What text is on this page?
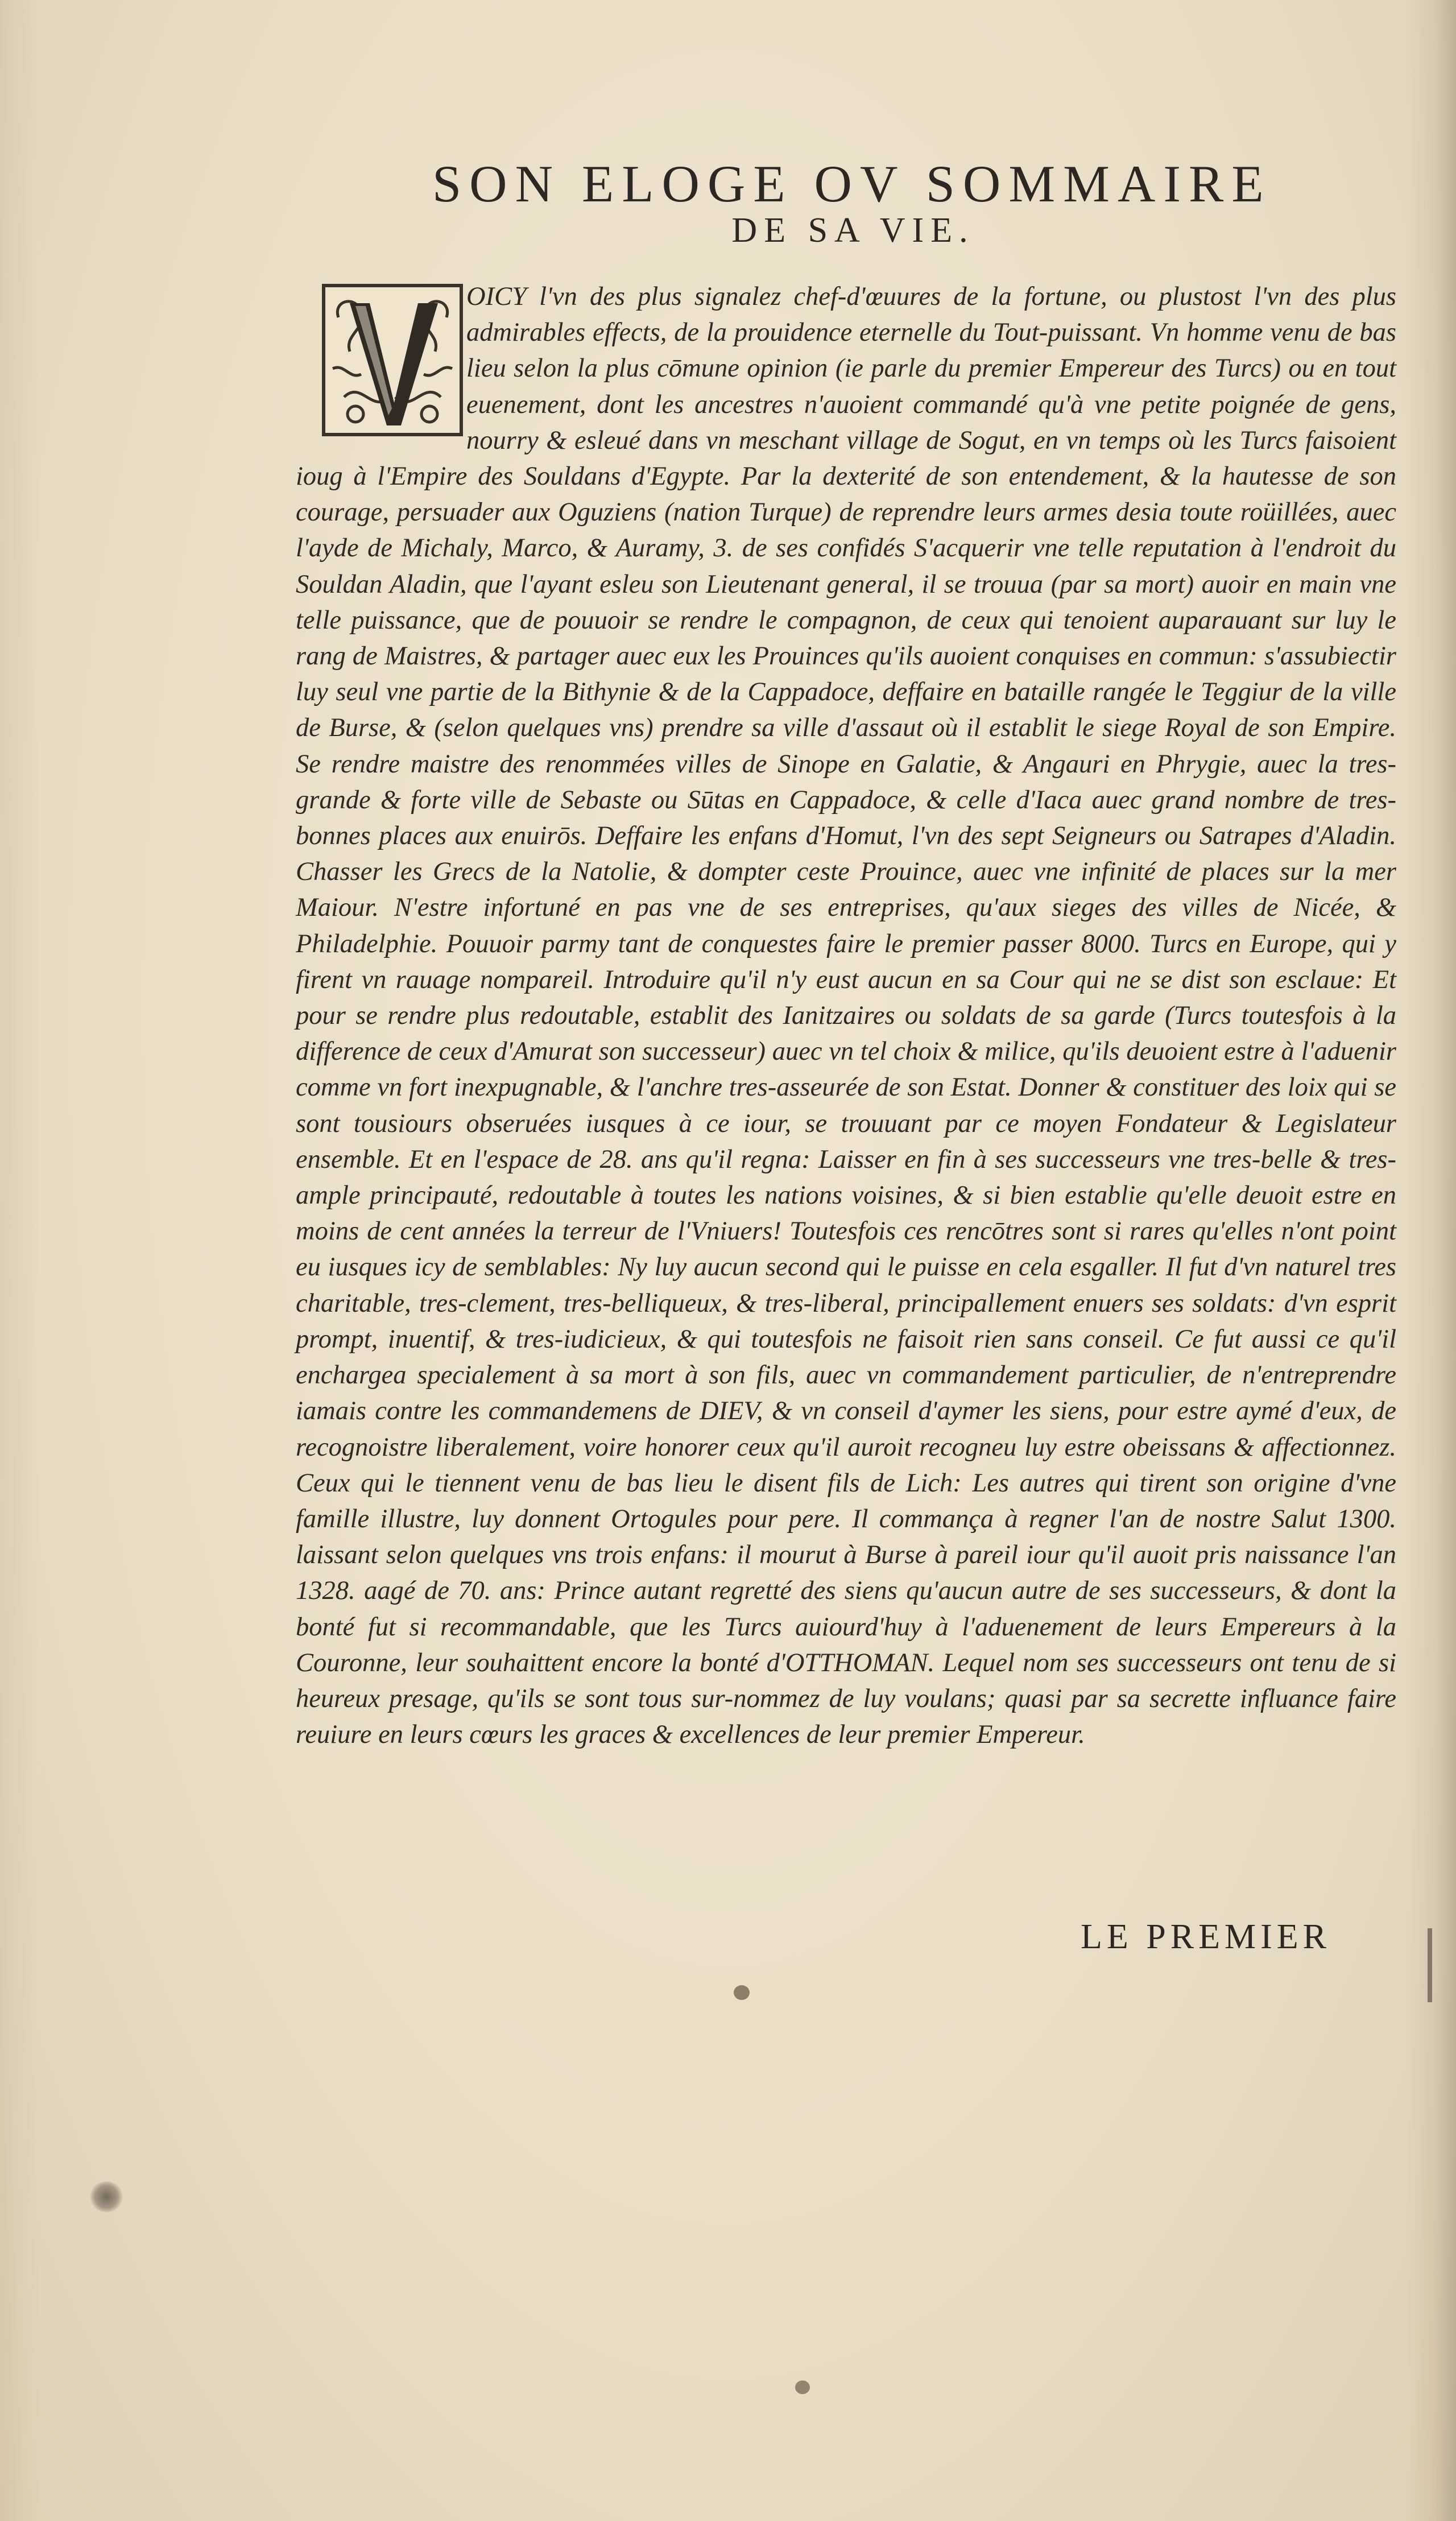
SON ELOGE OV SOMMAIRE
DE SA VIE.

OICY l'vn des plus signalez chef-d'œuures de la fortune, ou plustost l'vn des plus admirables effects, de la prouidence eternelle du Tout-puissant. Vn homme venu de bas lieu selon la plus cōmune opinion (ie parle du premier Empereur des Turcs) ou en tout euenement, dont les ancestres n'auoient commandé qu'à vne petite poignée de gens, nourry & esleué dans vn meschant village de Sogut, en vn temps où les Turcs faisoient ioug à l'Empire des Souldans d'Egypte. Par la dexterité de son entendement, & la hautesse de son courage, persuader aux Oguziens (nation Turque) de reprendre leurs armes desia toute roüillées, auec l'ayde de Michaly, Marco, & Auramy, 3. de ses confidés S'acquerir vne telle reputation à l'endroit du Souldan Aladin, que l'ayant esleu son Lieutenant general, il se trouua (par sa mort) auoir en main vne telle puissance, que de pouuoir se rendre le compagnon, de ceux qui tenoient auparauant sur luy le rang de Maistres, & partager auec eux les Prouinces qu'ils auoient conquises en commun: s'assubiectir luy seul vne partie de la Bithynie & de la Cappadoce, deffaire en bataille rangée le Teggiur de la ville de Burse, & (selon quelques vns) prendre sa ville d'assaut où il establit le siege Royal de son Empire. Se rendre maistre des renommées villes de Sinope en Galatie, & Angauri en Phrygie, auec la tres-grande & forte ville de Sebaste ou Sūtas en Cappadoce, & celle d'Iaca auec grand nombre de tres-bonnes places aux enuirōs. Deffaire les enfans d'Homut, l'vn des sept Seigneurs ou Satrapes d'Aladin. Chasser les Grecs de la Natolie, & dompter ceste Prouince, auec vne infinité de places sur la mer Maiour. N'estre infortuné en pas vne de ses entreprises, qu'aux sieges des villes de Nicée, & Philadelphie. Pouuoir parmy tant de conquestes faire le premier passer 8000. Turcs en Europe, qui y firent vn rauage nompareil. Introduire qu'il n'y eust aucun en sa Cour qui ne se dist son esclaue: Et pour se rendre plus redoutable, establit des Ianitzaires ou soldats de sa garde (Turcs toutesfois à la difference de ceux d'Amurat son successeur) auec vn tel choix & milice, qu'ils deuoient estre à l'aduenir comme vn fort inexpugnable, & l'anchre tres-asseurée de son Estat. Donner & constituer des loix qui se sont tousiours obseruées iusques à ce iour, se trouuant par ce moyen Fondateur & Legislateur ensemble. Et en l'espace de 28. ans qu'il regna: Laisser en fin à ses successeurs vne tres-belle & tres-ample principauté, redoutable à toutes les nations voisines, & si bien establie qu'elle deuoit estre en moins de cent années la terreur de l'Vniuers! Toutesfois ces rencōtres sont si rares qu'elles n'ont point eu iusques icy de semblables: Ny luy aucun second qui le puisse en cela esgaller. Il fut d'vn naturel tres charitable, tres-clement, tres-belliqueux, & tres-liberal, principallement enuers ses soldats: d'vn esprit prompt, inuentif, & tres-iudicieux, & qui toutesfois ne faisoit rien sans conseil. Ce fut aussi ce qu'il enchargea specialement à sa mort à son fils, auec vn commandement particulier, de n'entreprendre iamais contre les commandemens de DIEV, & vn conseil d'aymer les siens, pour estre aymé d'eux, de recognoistre liberalement, voire honorer ceux qu'il auroit recogneu luy estre obeissans & affectionnez. Ceux qui le tiennent venu de bas lieu le disent fils de Lich: Les autres qui tirent son origine d'vne famille illustre, luy donnent Ortogules pour pere. Il commança à regner l'an de nostre Salut 1300. laissant selon quelques vns trois enfans: il mourut à Burse à pareil iour qu'il auoit pris naissance l'an 1328. aagé de 70. ans: Prince autant regretté des siens qu'aucun autre de ses successeurs, & dont la bonté fut si recommandable, que les Turcs auiourd'huy à l'aduenement de leurs Empereurs à la Couronne, leur souhaittent encore la bonté d'OTTHOMAN. Lequel nom ses successeurs ont tenu de si heureux presage, qu'ils se sont tous sur-nommez de luy voulans; quasi par sa secrette influance faire reuiure en leurs cœurs les graces & excellences de leur premier Empereur.

LE PREMIER
